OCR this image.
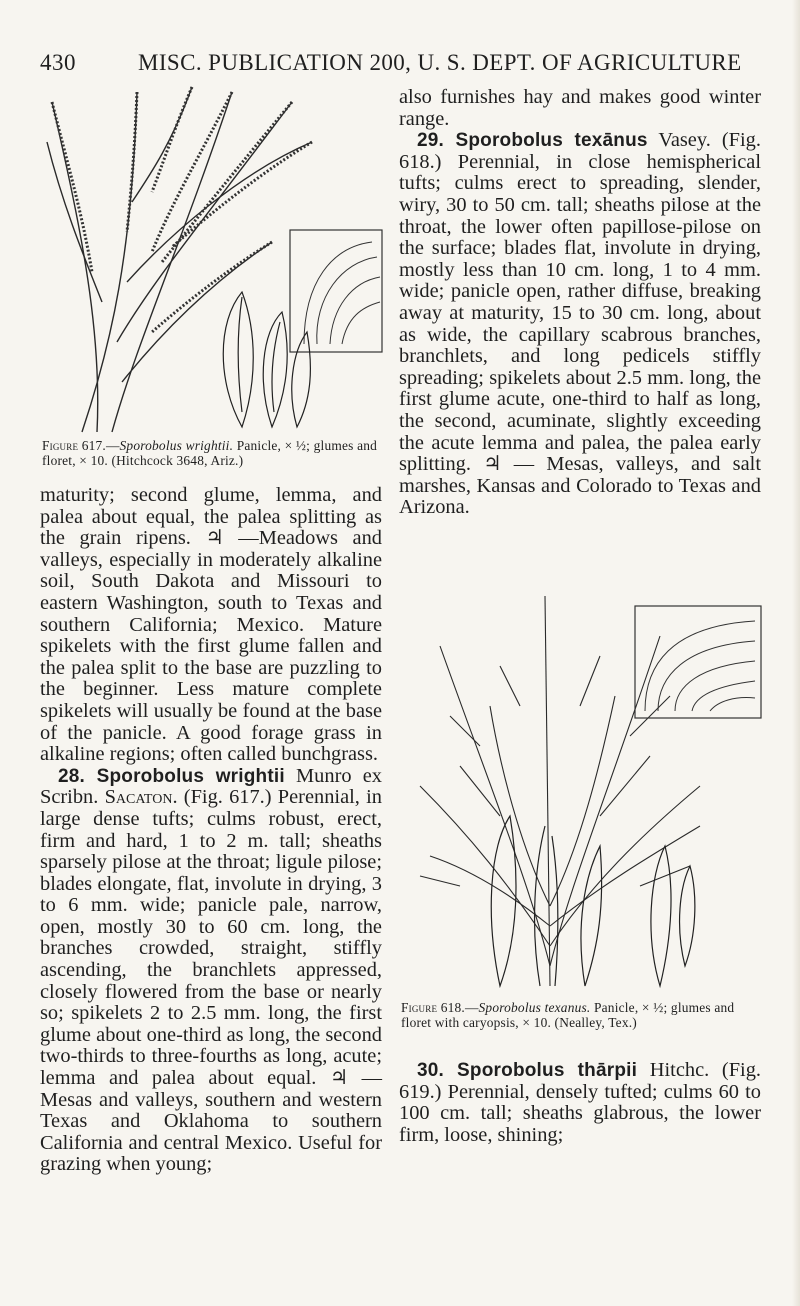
430	MISC. PUBLICATION 200, U. S. DEPT. OF AGRICULTURE
Figure 617.—Sporobolus wrightii. Panicle, × ½; glumes and floret, × 10. (Hitchcock 3648, Ariz.)

maturity; second glume, lemma, and palea about equal, the palea splitting as the grain ripens. ♃ —Meadows and valleys, especially in moderately alkaline soil, South Dakota and Missouri to eastern Washington, south to Texas and southern California; Mexico. Mature spikelets with the first glume fallen and the palea split to the base are puzzling to the beginner. Less mature complete spikelets will usually be found at the base of the panicle. A good forage grass in alkaline regions; often called bunchgrass.

28. Sporobolus wrightii Munro ex Scribn. Sacaton. (Fig. 617.) Perennial, in large dense tufts; culms robust, erect, firm and hard, 1 to 2 m. tall; sheaths sparsely pilose at the throat; ligule pilose; blades elongate, flat, involute in drying, 3 to 6 mm. wide; panicle pale, narrow, open, mostly 30 to 60 cm. long, the branches crowded, straight, stiffly ascending, the branchlets appressed, closely flowered from the base or nearly so; spikelets 2 to 2.5 mm. long, the first glume about one-third as long, the second two-thirds to three-fourths as long, acute; lemma and palea about equal. ♃ —Mesas and valleys, southern and western Texas and Oklahoma to southern California and central Mexico. Useful for grazing when young;

also furnishes hay and makes good winter range.

29. Sporobolus texānus Vasey. (Fig. 618.) Perennial, in close hemispherical tufts; culms erect to spreading, slender, wiry, 30 to 50 cm. tall; sheaths pilose at the throat, the lower often papillose-pilose on the surface; blades flat, involute in drying, mostly less than 10 cm. long, 1 to 4 mm. wide; panicle open, rather diffuse, breaking away at maturity, 15 to 30 cm. long, about as wide, the capillary scabrous branches, branchlets, and long pedicels stiffly spreading; spikelets about 2.5 mm. long, the first glume acute, one-third to half as long, the second, acuminate, slightly exceeding the acute lemma and palea, the palea early splitting. ♃ — Mesas, valleys, and salt marshes, Kansas and Colorado to Texas and Arizona.

Figure 618.—Sporobolus texanus. Panicle, × ½; glumes and floret with caryopsis, × 10. (Nealley, Tex.)

30. Sporobolus thārpii Hitchc. (Fig. 619.) Perennial, densely tufted; culms 60 to 100 cm. tall; sheaths glabrous, the lower firm, loose, shining;
